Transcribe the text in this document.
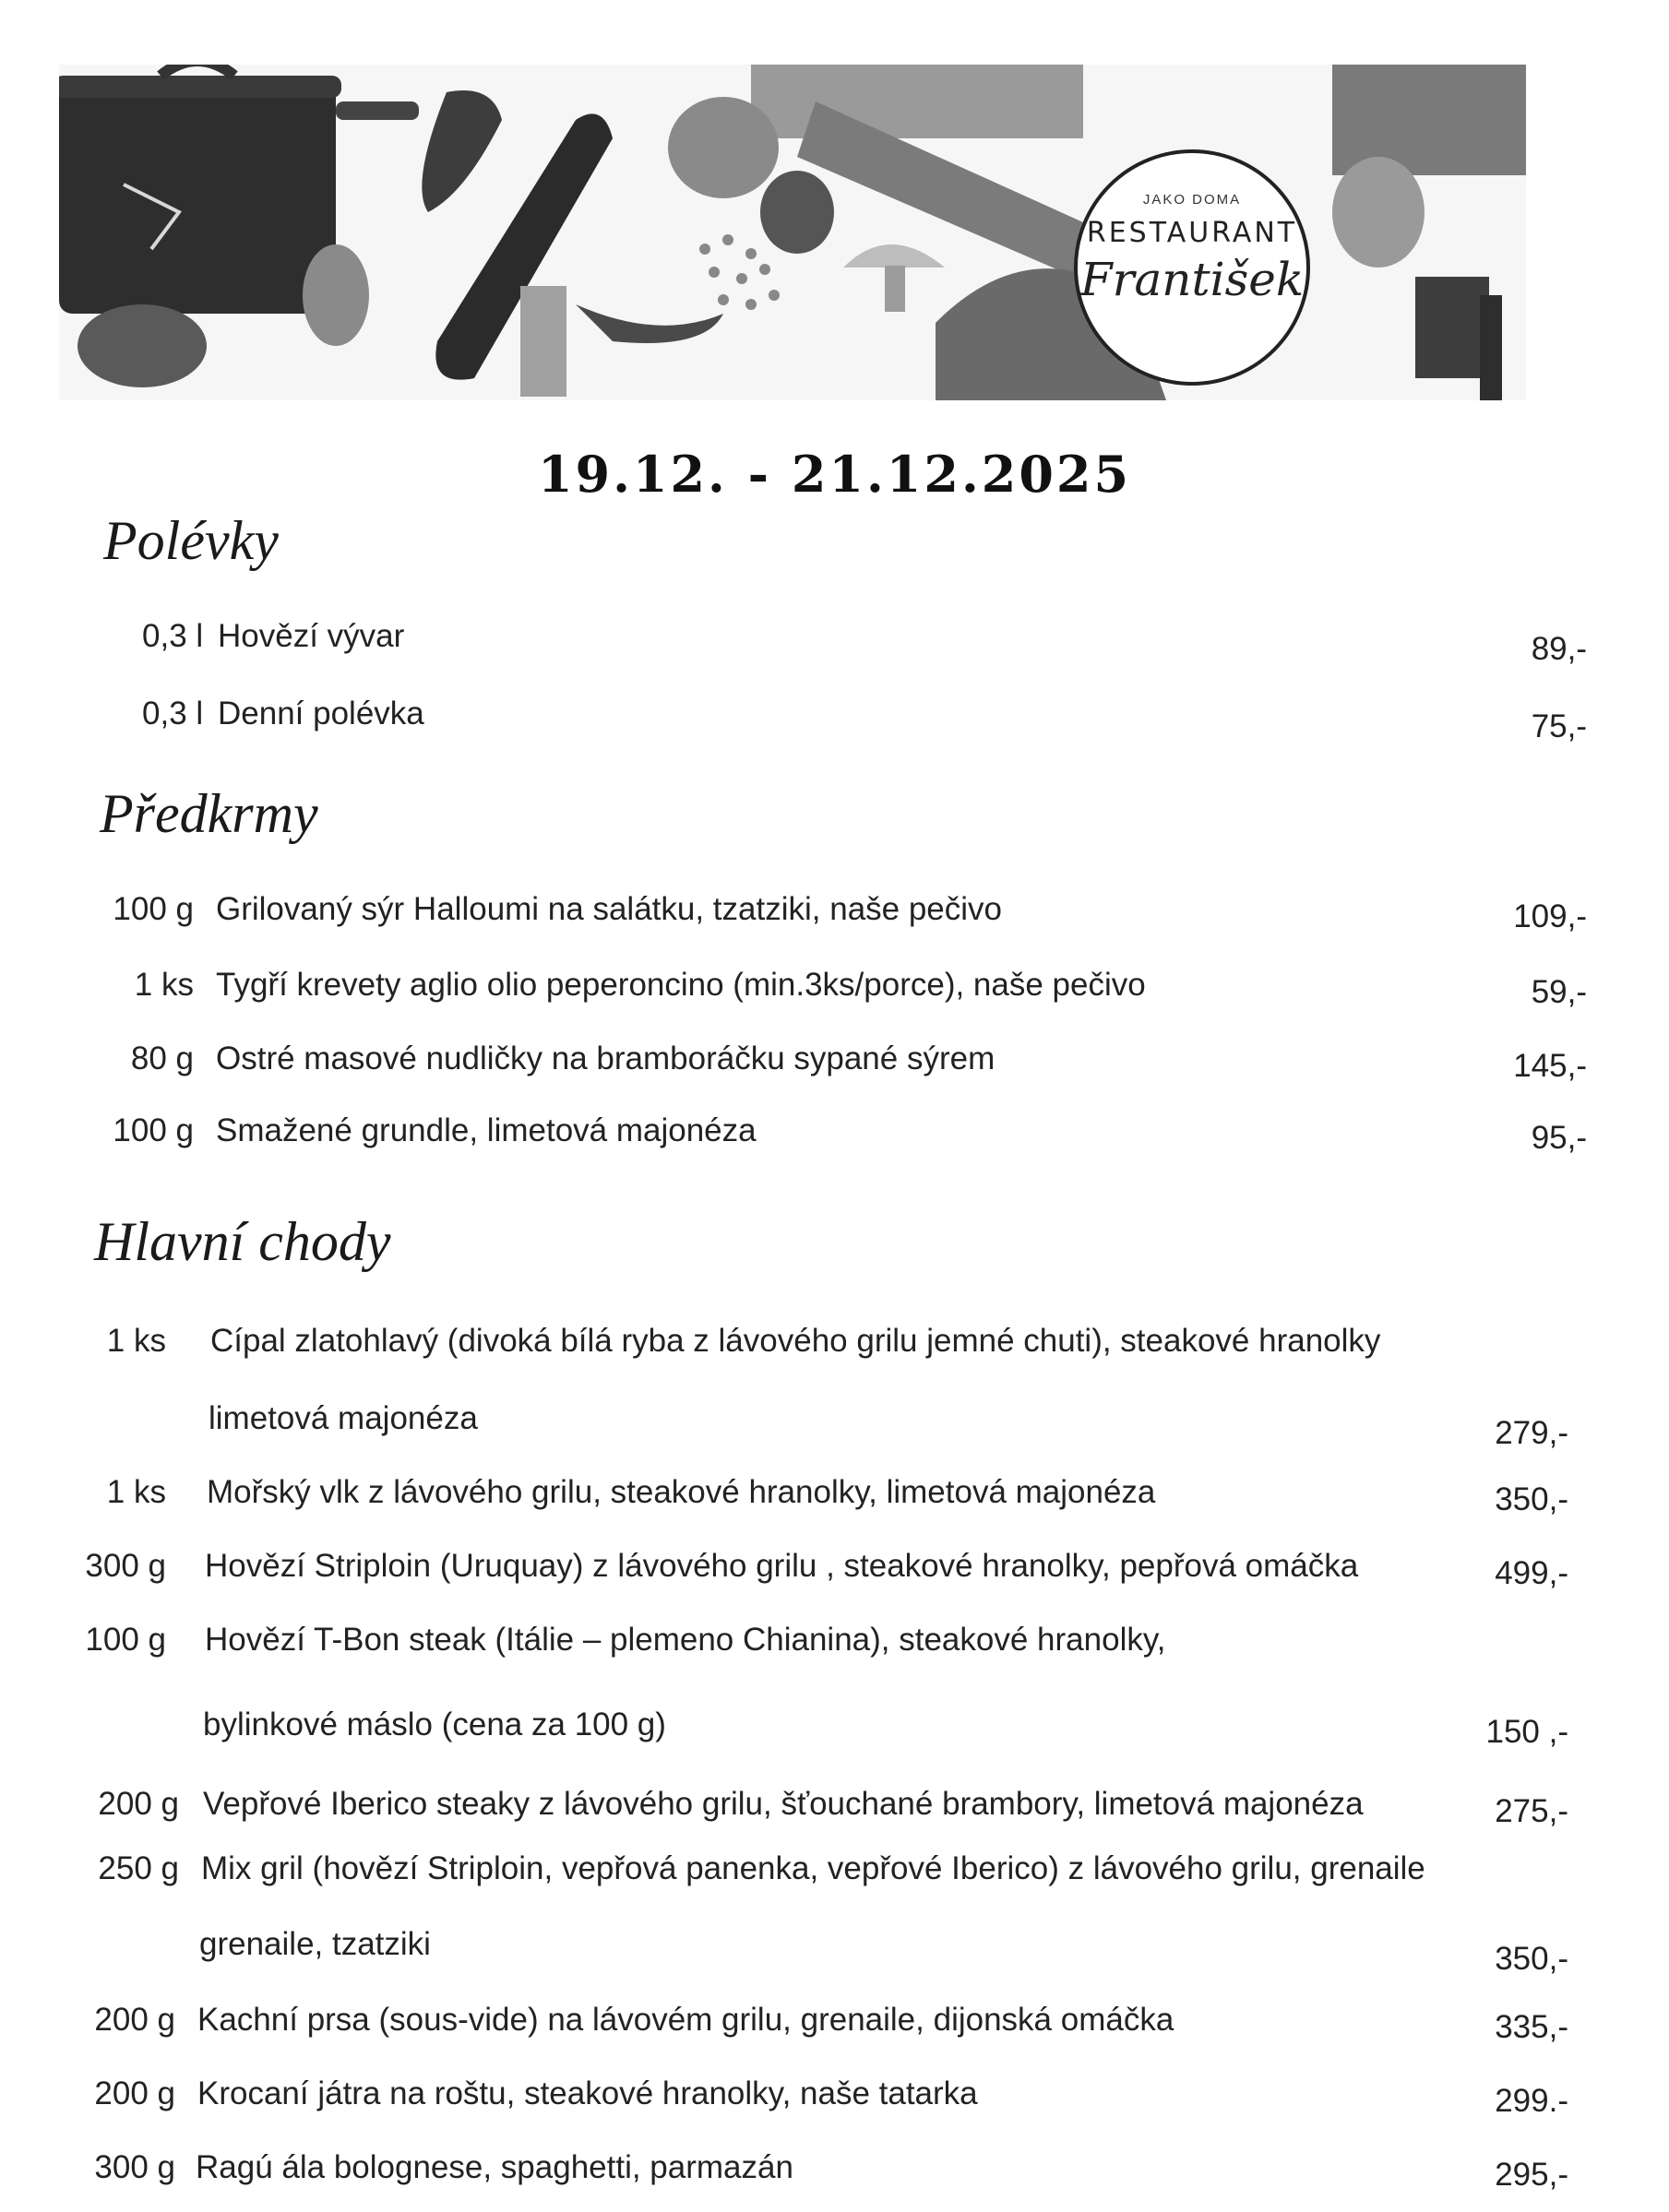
JAKO DOMA
RESTAURANT
František
19.12. - 21.12.2025
Polévky
0,3 l Hovězí vývar	89,-
0,3 l Denní polévka	75,-
Předkrmy
100 g Grilovaný sýr Halloumi na salátku, tzatziki, naše pečivo	109,-
1 ks Tygří krevety aglio olio peperoncino (min.3ks/porce), naše pečivo	59,-
80 g Ostré masové nudličky na bramboráčku sypané sýrem	145,-
100 g Smažené grundle, limetová majonéza	95,-
Hlavní chody
1 ks Cípal zlatohlavý (divoká bílá ryba z lávového grilu jemné chuti), steakové hranolky
limetová majonéza	279,-
1 ks Mořský vlk z lávového grilu, steakové hranolky, limetová majonéza	350,-
300 g Hovězí Striploin (Uruquay) z lávového grilu , steakové hranolky, pepřová omáčka	499,-
100 g Hovězí T-Bon steak (Itálie – plemeno Chianina), steakové hranolky,
bylinkové máslo (cena za 100 g)	150 ,-
200 g Vepřové Iberico steaky z lávového grilu, šťouchané brambory, limetová majonéza	275,-
250 g Mix gril (hovězí Striploin, vepřová panenka, vepřové Iberico) z lávového grilu, grenaile
grenaile, tzatziki	350,-
200 g Kachní prsa (sous-vide) na lávovém grilu, grenaile, dijonská omáčka	335,-
200 g Krocaní játra na roštu, steakové hranolky, naše tatarka	299.-
300 g Ragú ála bolognese, spaghetti, parmazán	295,-
